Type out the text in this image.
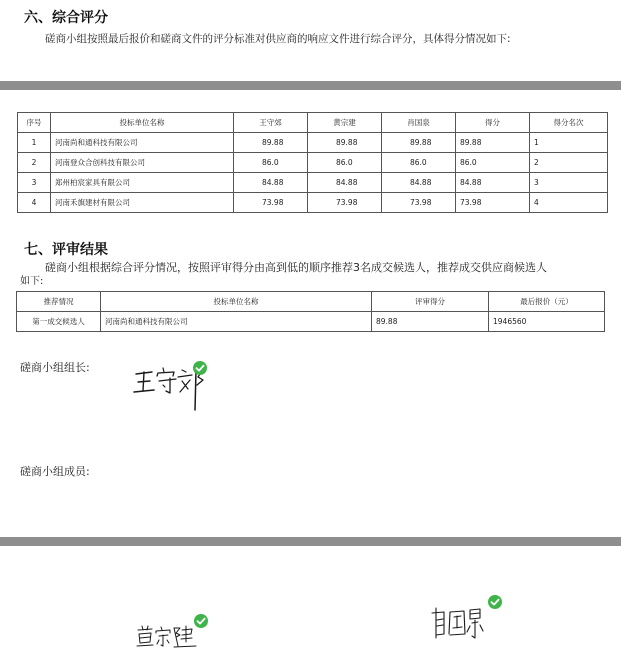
六、综合评分
磋商小组按照最后报价和磋商文件的评分标准对供应商的响应文件进行综合评分，具体得分情况如下:
序号	投标单位名称	王守郊	黄宗建	肖国泉	得分	得分名次
1	河南尚和通科技有限公司	89.88	89.88	89.88	89.88	1
2	河南登众合创科技有限公司	86.0	86.0	86.0	86.0	2
3	郑州柏宸家具有限公司	84.88	84.88	84.88	84.88	3
4	河南禾旗建材有限公司	73.98	73.98	73.98	73.98	4
七、评审结果
磋商小组根据综合评分情况，按照评审得分由高到低的顺序推荐3名成交候选人，推荐成交供应商候选人
如下:
推荐情况	投标单位名称	评审得分	最后报价（元）
第一成交候选人	河南尚和通科技有限公司	89.88	1946560
磋商小组组长:
磋商小组成员:
